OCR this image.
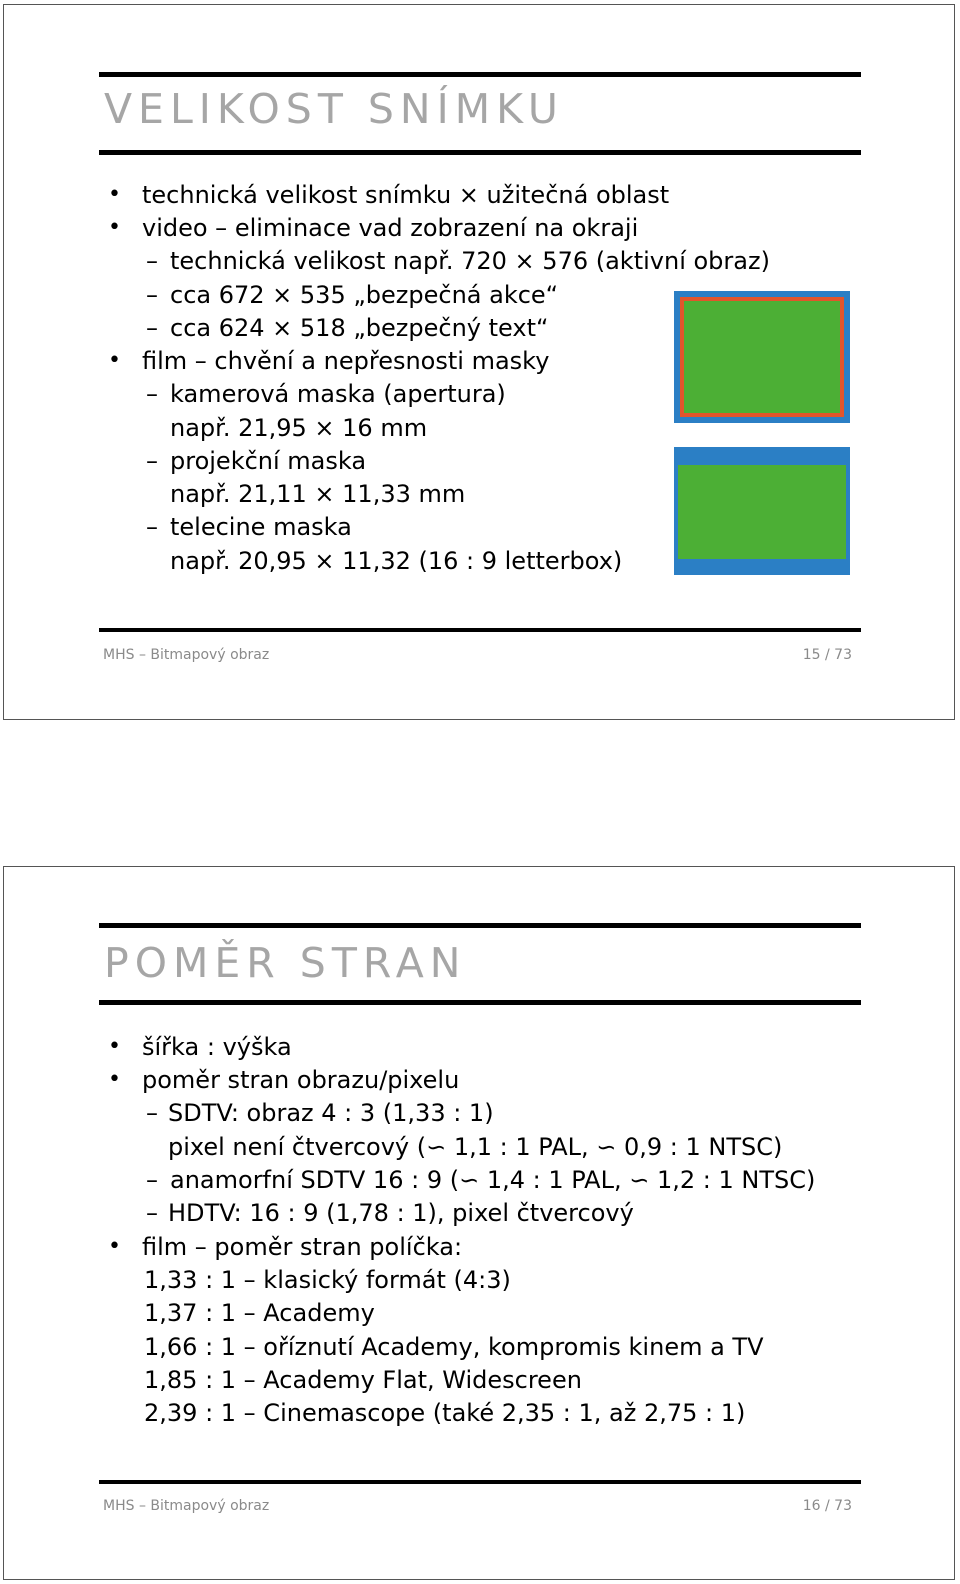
VELIKOST SNÍMKU
• technická velikost snímku × užitečná oblast
• video – eliminace vad zobrazení na okraji
– technická velikost např. 720 × 576 (aktivní obraz)
– cca 672 × 535 „bezpečná akce“
– cca 624 × 518 „bezpečný text“
• film – chvění a nepřesnosti masky
– kamerová maska (apertura)
např. 21,95 × 16 mm
– projekční maska
např. 21,11 × 11,33 mm
– telecine maska
např. 20,95 × 11,32 (16 : 9 letterbox)
MHS – Bitmapový obraz	15 / 73
POMĚR STRAN
• šířka : výška
• poměr stran obrazu/pixelu
– SDTV: obraz 4 : 3 (1,33 : 1)
pixel není čtvercový (∽ 1,1 : 1 PAL, ∽ 0,9 : 1 NTSC)
– anamorfní SDTV 16 : 9 (∽ 1,4 : 1 PAL, ∽ 1,2 : 1 NTSC)
– HDTV: 16 : 9 (1,78 : 1), pixel čtvercový
• film – poměr stran políčka:
1,33 : 1 – klasický formát (4:3)
1,37 : 1 – Academy
1,66 : 1 – oříznutí Academy, kompromis kinem a TV
1,85 : 1 – Academy Flat, Widescreen
2,39 : 1 – Cinemascope (také 2,35 : 1, až 2,75 : 1)
MHS – Bitmapový obraz	16 / 73
